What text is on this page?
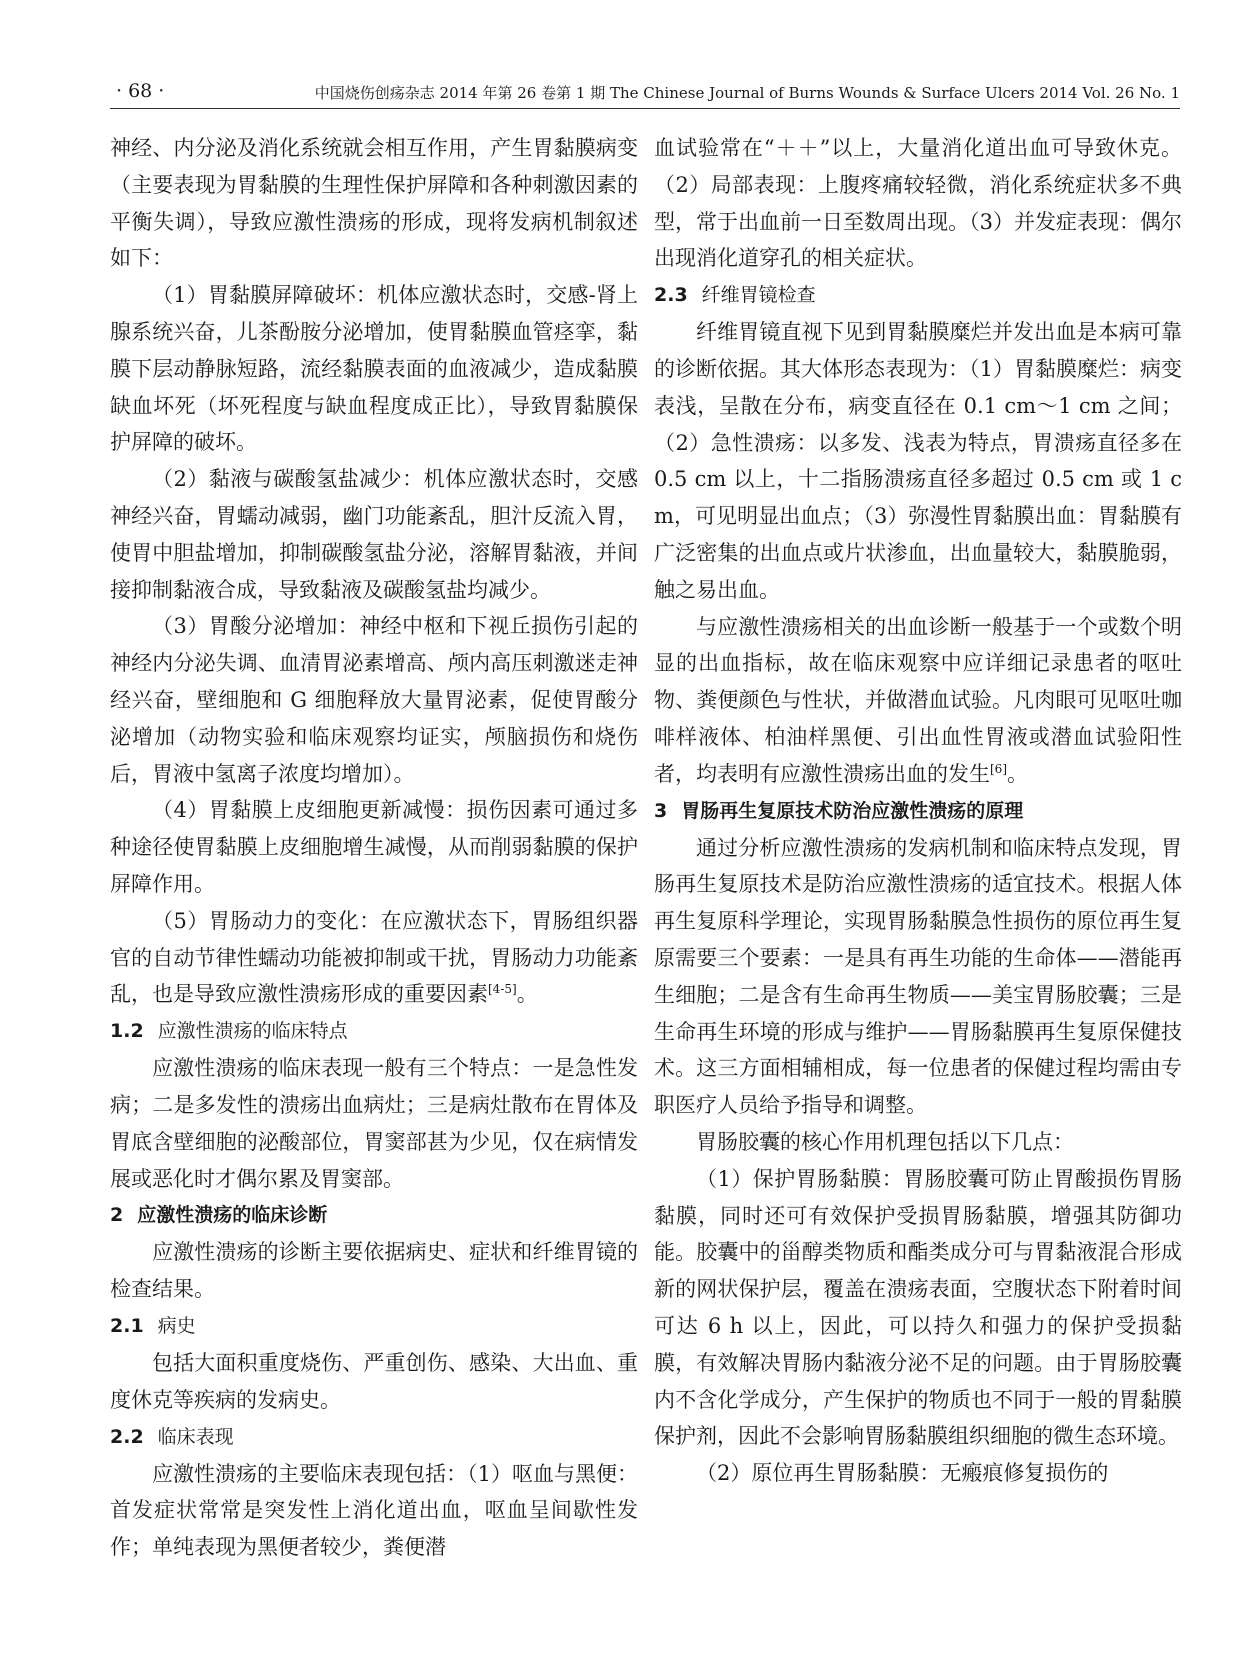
· 68 ·	中国烧伤创疡杂志 2014 年第 26 卷第 1 期 The Chinese Journal of Burns Wounds & Surface Ulcers 2014 Vol. 26 No. 1

神经、内分泌及消化系统就会相互作用，产生胃黏膜病变（主要表现为胃黏膜的生理性保护屏障和各种刺激因素的平衡失调），导致应激性溃疡的形成，现将发病机制叙述如下：

（1）胃黏膜屏障破坏：机体应激状态时，交感-肾上腺系统兴奋，儿茶酚胺分泌增加，使胃黏膜血管痉挛，黏膜下层动静脉短路，流经黏膜表面的血液减少，造成黏膜缺血坏死（坏死程度与缺血程度成正比），导致胃黏膜保护屏障的破坏。

（2）黏液与碳酸氢盐减少：机体应激状态时，交感神经兴奋，胃蠕动减弱，幽门功能紊乱，胆汁反流入胃，使胃中胆盐增加，抑制碳酸氢盐分泌，溶解胃黏液，并间接抑制黏液合成，导致黏液及碳酸氢盐均减少。

（3）胃酸分泌增加：神经中枢和下视丘损伤引起的神经内分泌失调、血清胃泌素增高、颅内高压刺激迷走神经兴奋，壁细胞和 G 细胞释放大量胃泌素，促使胃酸分泌增加（动物实验和临床观察均证实，颅脑损伤和烧伤后，胃液中氢离子浓度均增加）。

（4）胃黏膜上皮细胞更新减慢：损伤因素可通过多种途径使胃黏膜上皮细胞增生减慢，从而削弱黏膜的保护屏障作用。

（5）胃肠动力的变化：在应激状态下，胃肠组织器官的自动节律性蠕动功能被抑制或干扰，胃肠动力功能紊乱，也是导致应激性溃疡形成的重要因素[4-5]。

1.2 应激性溃疡的临床特点

应激性溃疡的临床表现一般有三个特点：一是急性发病；二是多发性的溃疡出血病灶；三是病灶散布在胃体及胃底含壁细胞的泌酸部位，胃窦部甚为少见，仅在病情发展或恶化时才偶尔累及胃窦部。

2 应激性溃疡的临床诊断

应激性溃疡的诊断主要依据病史、症状和纤维胃镜的检查结果。

2.1 病史

包括大面积重度烧伤、严重创伤、感染、大出血、重度休克等疾病的发病史。

2.2 临床表现

应激性溃疡的主要临床表现包括：（1）呕血与黑便：首发症状常常是突发性上消化道出血，呕血呈间歇性发作；单纯表现为黑便者较少，粪便潜

血试验常在“＋＋”以上，大量消化道出血可导致休克。（2）局部表现：上腹疼痛较轻微，消化系统症状多不典型，常于出血前一日至数周出现。（3）并发症表现：偶尔出现消化道穿孔的相关症状。

2.3 纤维胃镜检查

纤维胃镜直视下见到胃黏膜糜烂并发出血是本病可靠的诊断依据。其大体形态表现为：（1）胃黏膜糜烂：病变表浅，呈散在分布，病变直径在 0.1 cm～1 cm 之间；（2）急性溃疡：以多发、浅表为特点，胃溃疡直径多在 0.5 cm 以上，十二指肠溃疡直径多超过 0.5 cm 或 1 cm，可见明显出血点；（3）弥漫性胃黏膜出血：胃黏膜有广泛密集的出血点或片状渗血，出血量较大，黏膜脆弱，触之易出血。

与应激性溃疡相关的出血诊断一般基于一个或数个明显的出血指标，故在临床观察中应详细记录患者的呕吐物、粪便颜色与性状，并做潜血试验。凡肉眼可见呕吐咖啡样液体、柏油样黑便、引出血性胃液或潜血试验阳性者，均表明有应激性溃疡出血的发生[6]。

3 胃肠再生复原技术防治应激性溃疡的原理

通过分析应激性溃疡的发病机制和临床特点发现，胃肠再生复原技术是防治应激性溃疡的适宜技术。根据人体再生复原科学理论，实现胃肠黏膜急性损伤的原位再生复原需要三个要素：一是具有再生功能的生命体——潜能再生细胞；二是含有生命再生物质——美宝胃肠胶囊；三是生命再生环境的形成与维护——胃肠黏膜再生复原保健技术。这三方面相辅相成，每一位患者的保健过程均需由专职医疗人员给予指导和调整。

胃肠胶囊的核心作用机理包括以下几点：

（1）保护胃肠黏膜：胃肠胶囊可防止胃酸损伤胃肠黏膜，同时还可有效保护受损胃肠黏膜，增强其防御功能。胶囊中的甾醇类物质和酯类成分可与胃黏液混合形成新的网状保护层，覆盖在溃疡表面，空腹状态下附着时间可达 6 h 以上，因此，可以持久和强力的保护受损黏膜，有效解决胃肠内黏液分泌不足的问题。由于胃肠胶囊内不含化学成分，产生保护的物质也不同于一般的胃黏膜保护剂，因此不会影响胃肠黏膜组织细胞的微生态环境。

（2）原位再生胃肠黏膜：无瘢痕修复损伤的
